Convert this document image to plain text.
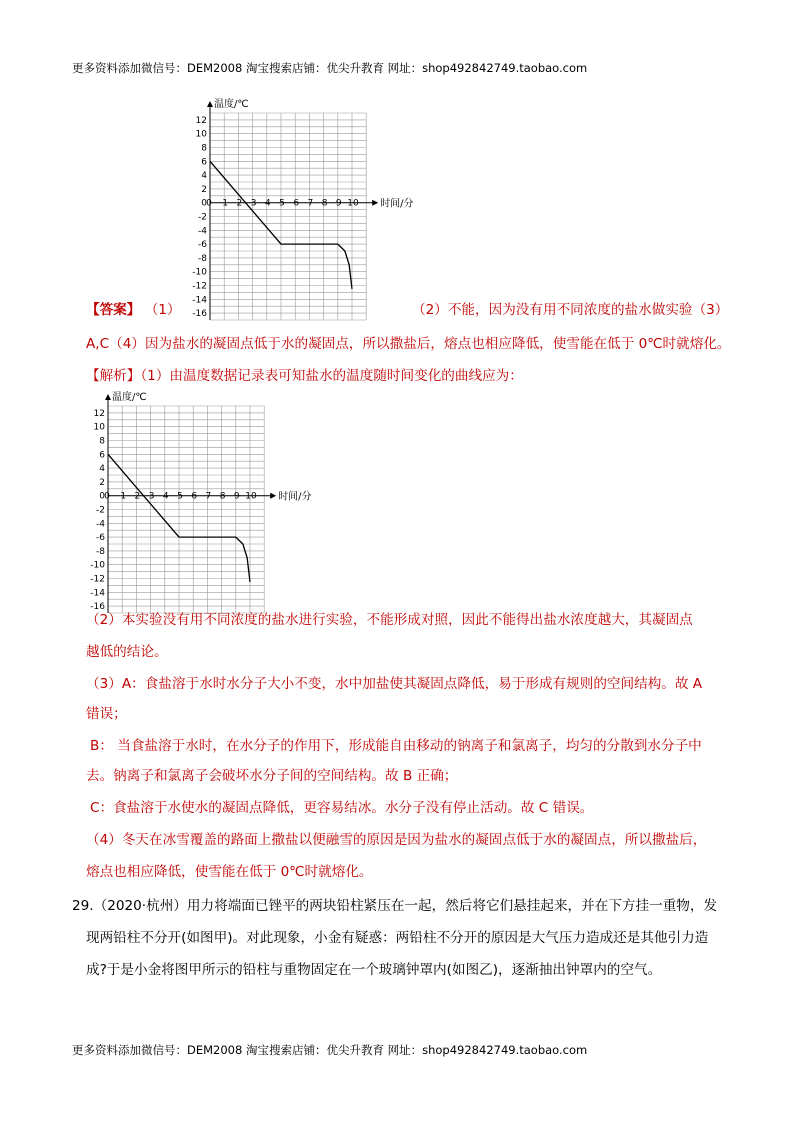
更多资料添加微信号：DEM2008 淘宝搜索店铺：优尖升教育 网址：shop492842749.taobao.com
12
10
8
6
4
2
0
-2
-4
-6
-8
-10
-12
-14
-16
0 1 2 3 4 5 6 7 8 9 10
温度/℃
时间/分
【答案】 （1）	（2）不能，因为没有用不同浓度的盐水做实验（3）
A,C（4）因为盐水的凝固点低于水的凝固点，所以撒盐后，熔点也相应降低，使雪能在低于 0℃时就熔化。
【解析】（1）由温度数据记录表可知盐水的温度随时间变化的曲线应为：
12
10
8
6
4
2
0
-2
-4
-6
-8
-10
-12
-14
-16
0 1 2 3 4 5 6 7 8 9 10
温度/℃
时间/分
（2）本实验没有用不同浓度的盐水进行实验，不能形成对照，因此不能得出盐水浓度越大，其凝固点
越低的结论。
（3）A：食盐溶于水时水分子大小不变，水中加盐使其凝固点降低，易于形成有规则的空间结构。故 A
错误；
B： 当食盐溶于水时，在水分子的作用下，形成能自由移动的钠离子和氯离子，均匀的分散到水分子中
去。钠离子和氯离子会破坏水分子间的空间结构。故 B 正确；
C：食盐溶于水使水的凝固点降低，更容易结冰。水分子没有停止活动。故 C 错误。
（4）冬天在冰雪覆盖的路面上撒盐以便融雪的原因是因为盐水的凝固点低于水的凝固点，所以撒盐后，
熔点也相应降低，使雪能在低于 0℃时就熔化。
29.（2020·杭州）用力将端面已锉平的两块铅柱紧压在一起，然后将它们悬挂起来，并在下方挂一重物，发
现两铅柱不分开(如图甲)。对此现象，小金有疑惑：两铅柱不分开的原因是大气压力造成还是其他引力造
成?于是小金将图甲所示的铅柱与重物固定在一个玻璃钟罩内(如图乙)，逐渐抽出钟罩内的空气。
更多资料添加微信号：DEM2008 淘宝搜索店铺：优尖升教育 网址：shop492842749.taobao.com
